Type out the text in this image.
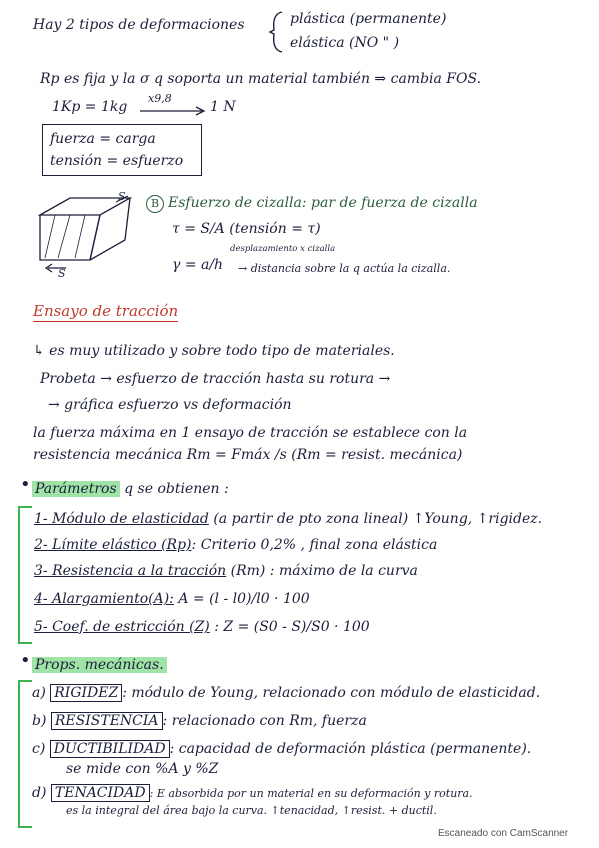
Hay 2 tipos de deformaciones	plástica (permanente)
elástica (NO " )
Rp es fija y la σ q soporta un material también ⇒ cambia FOS.
1Kp = 1kg
x9,8
1 N
fuerza = carga
tensión = esfuerzo
S
S
B Esfuerzo de cizalla: par de fuerza de cizalla
τ = S/A (tensión = τ)
desplazamiento x cizalla
γ = a/h → distancia sobre la q actúa la cizalla.
Ensayo de tracción
↳ es muy utilizado y sobre todo tipo de materiales.
Probeta → esfuerzo de tracción hasta su rotura →
→ gráfica esfuerzo vs deformación
la fuerza máxima en 1 ensayo de tracción se establece con la
resistencia mecánica Rm = Fmáx /s (Rm = resist. mecánica)
• Parámetros q se obtienen :
1- Módulo de elasticidad (a partir de pto zona lineal) ↑Young, ↑rigidez.
2- Límite elástico (Rp): Criterio 0,2% , final zona elástica
3- Resistencia a la tracción (Rm) : máximo de la curva
4- Alargamiento(A): A = (l - l0)/l0 · 100
5- Coef. de estricción (Z) : Z = (S0 - S)/S0 · 100
• Props. mecánicas.
a) RIGIDEZ : módulo de Young, relacionado con módulo de elasticidad.
b) RESISTENCIA : relacionado con Rm, fuerza
c) DUCTIBILIDAD : capacidad de deformación plástica (permanente).
se mide con %A y %Z
d) TENACIDAD : E absorbida por un material en su deformación y rotura.
es la integral del área bajo la curva. ↑tenacidad, ↑resist. + ductil.
Escaneado con CamScanner
